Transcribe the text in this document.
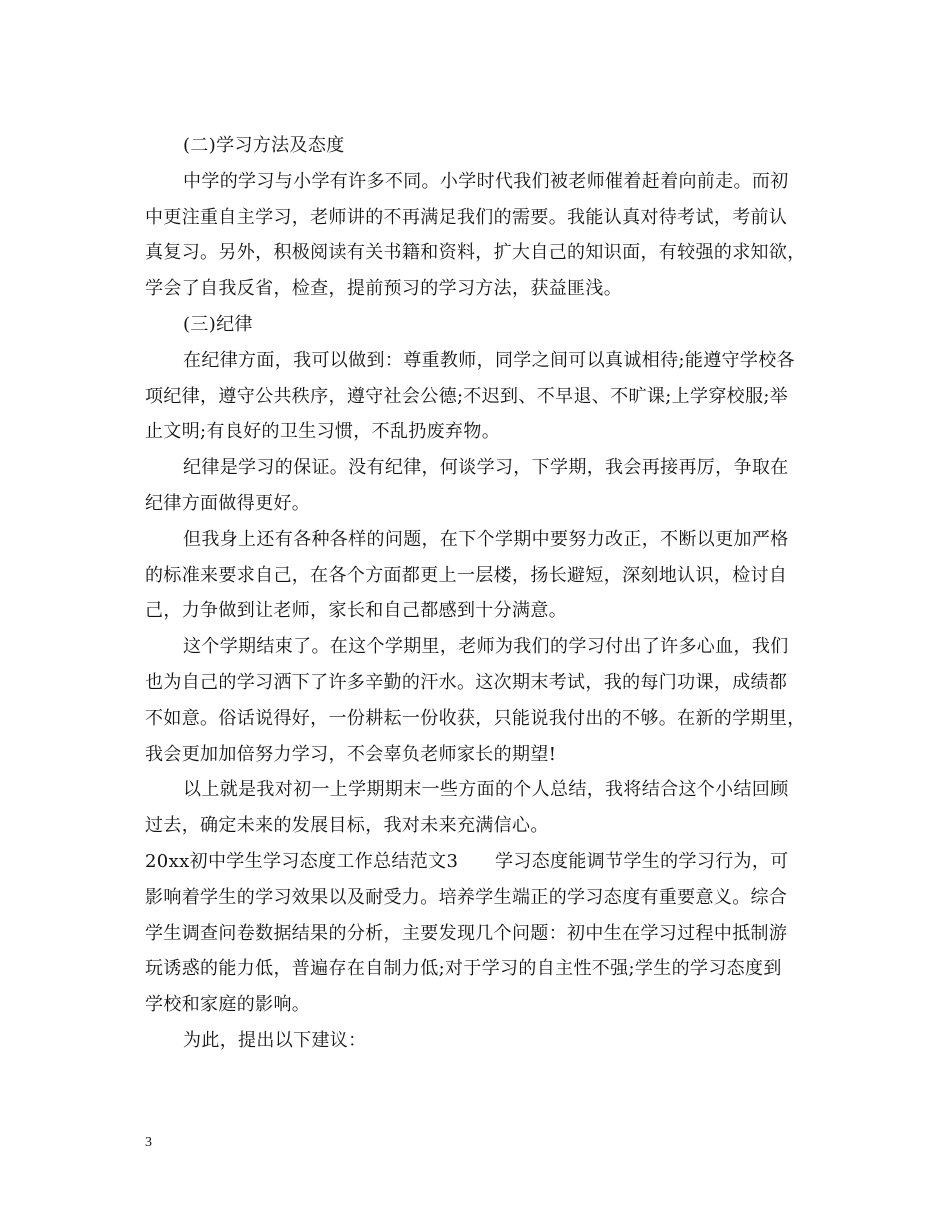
(二)学习方法及态度
中学的学习与小学有许多不同。小学时代我们被老师催着赶着向前走。而初
中更注重自主学习，老师讲的不再满足我们的需要。我能认真对待考试，考前认
真复习。另外，积极阅读有关书籍和资料，扩大自己的知识面，有较强的求知欲，
学会了自我反省，检查，提前预习的学习方法，获益匪浅。
(三)纪律
在纪律方面，我可以做到：尊重教师，同学之间可以真诚相待;能遵守学校各
项纪律，遵守公共秩序，遵守社会公德;不迟到、不早退、不旷课;上学穿校服;举
止文明;有良好的卫生习惯，不乱扔废弃物。
纪律是学习的保证。没有纪律，何谈学习，下学期，我会再接再厉，争取在
纪律方面做得更好。
但我身上还有各种各样的问题，在下个学期中要努力改正，不断以更加严格
的标准来要求自己，在各个方面都更上一层楼，扬长避短，深刻地认识，检讨自
己，力争做到让老师，家长和自己都感到十分满意。
这个学期结束了。在这个学期里，老师为我们的学习付出了许多心血，我们
也为自己的学习洒下了许多辛勤的汗水。这次期末考试，我的每门功课，成绩都
不如意。俗话说得好，一份耕耘一份收获，只能说我付出的不够。在新的学期里，
我会更加加倍努力学习，不会辜负老师家长的期望!
以上就是我对初一上学期期末一些方面的个人总结，我将结合这个小结回顾
过去，确定未来的发展目标，我对未来充满信心。
20xx初中学生学习态度工作总结范文3　　学习态度能调节学生的学习行为，可
影响着学生的学习效果以及耐受力。培养学生端正的学习态度有重要意义。综合
学生调查问卷数据结果的分析，主要发现几个问题：初中生在学习过程中抵制游
玩诱惑的能力低，普遍存在自制力低;对于学习的自主性不强;学生的学习态度到
学校和家庭的影响。
为此，提出以下建议：
3
